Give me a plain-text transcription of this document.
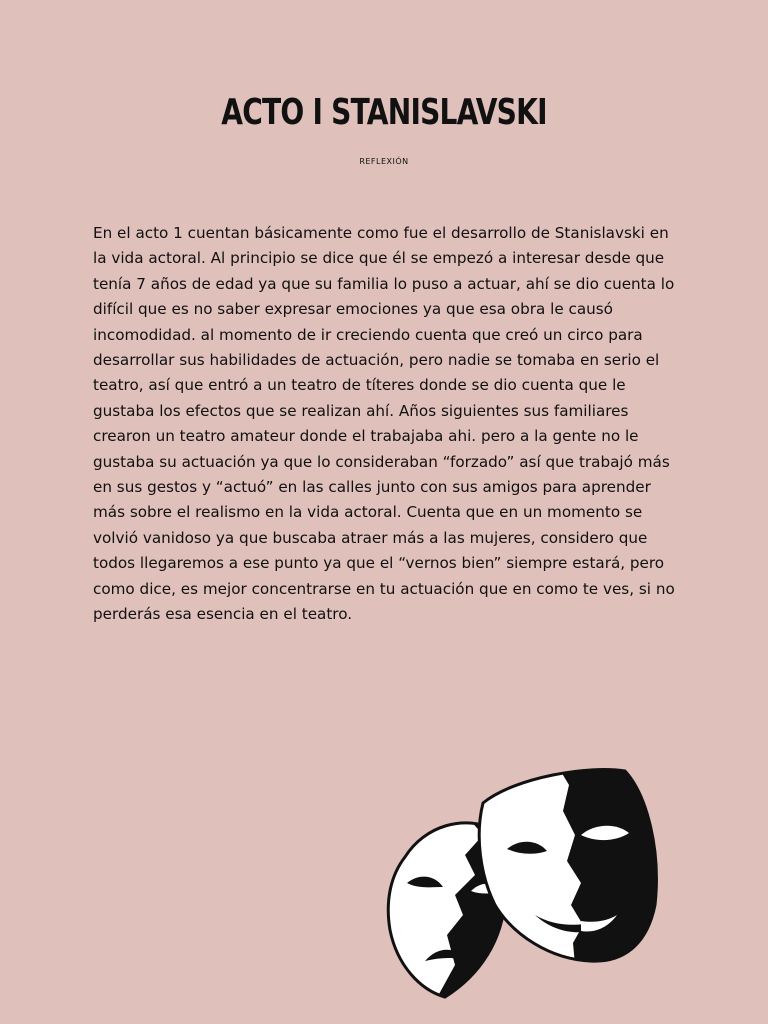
ACTO I STANISLAVSKI
reflexión

En el acto 1 cuentan básicamente como fue el desarrollo de Stanislavski en la vida actoral. Al principio se dice que él se empezó a interesar desde que tenía 7 años de edad ya que su familia lo puso a actuar, ahí se dio cuenta lo difícil que es no saber expresar emociones ya que esa obra le causó incomodidad. al momento de ir creciendo cuenta que creó un circo para desarrollar sus habilidades de actuación, pero nadie se tomaba en serio el teatro, así que entró a un teatro de títeres donde se dio cuenta que le gustaba los efectos que se realizan ahí. Años siguientes sus familiares crearon un teatro amateur donde el trabajaba ahi. pero a la gente no le gustaba su actuación ya que lo consideraban “forzado” así que trabajó más en sus gestos y “actuó” en las calles junto con sus amigos para aprender más sobre el realismo en la vida actoral. Cuenta que en un momento se volvió vanidoso ya que buscaba atraer más a las mujeres, considero que todos llegaremos a ese punto ya que el “vernos bien” siempre estará, pero como dice, es mejor concentrarse en tu actuación que en como te ves, si no perderás esa esencia en el teatro.
